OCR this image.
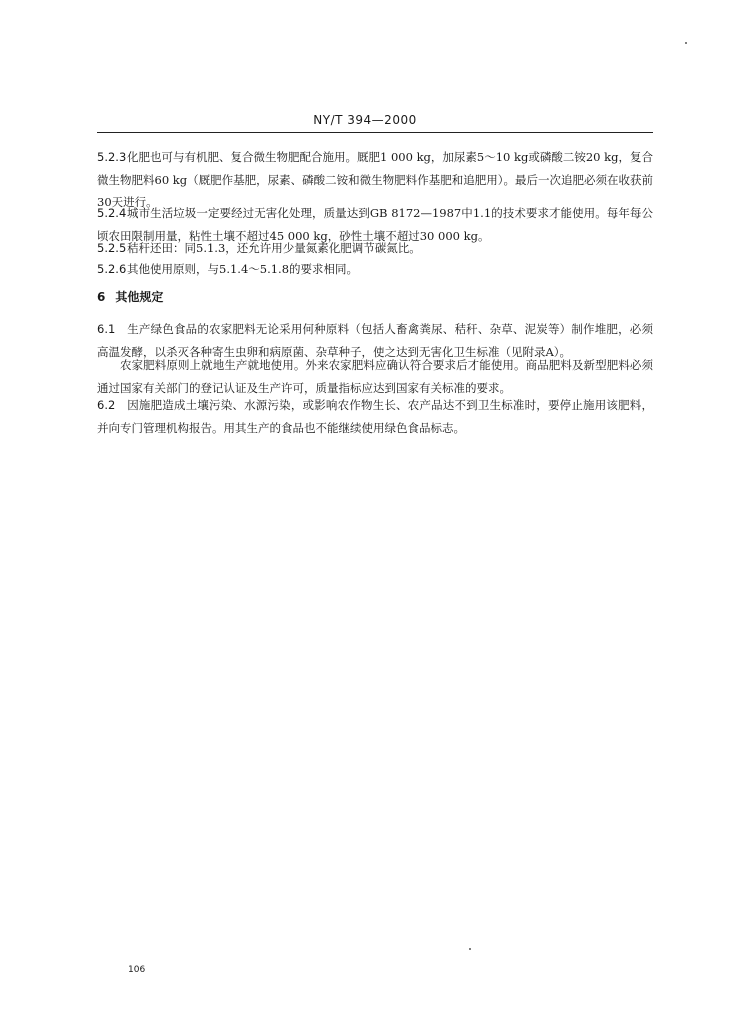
NY/T 394—2000
5.2.3化肥也可与有机肥、复合微生物肥配合施用。厩肥1 000 kg，加尿素5～10 kg或磷酸二铵20 kg，复合微生物肥料60 kg（厩肥作基肥，尿素、磷酸二铵和微生物肥料作基肥和追肥用）。最后一次追肥必须在收获前30天进行。
5.2.4城市生活垃圾一定要经过无害化处理，质量达到GB 8172—1987中1.1的技术要求才能使用。每年每公顷农田限制用量，粘性土壤不超过45 000 kg，砂性土壤不超过30 000 kg。
5.2.5秸秆还田：同5.1.3，还允许用少量氮素化肥调节碳氮比。
5.2.6其他使用原则，与5.1.4～5.1.8的要求相同。
6 其他规定
6.1 生产绿色食品的农家肥料无论采用何种原料（包括人畜禽粪尿、秸秆、杂草、泥炭等）制作堆肥，必须高温发酵，以杀灭各种寄生虫卵和病原菌、杂草种子，使之达到无害化卫生标准（见附录A）。
农家肥料原则上就地生产就地使用。外来农家肥料应确认符合要求后才能使用。商品肥料及新型肥料必须通过国家有关部门的登记认证及生产许可，质量指标应达到国家有关标准的要求。
6.2 因施肥造成土壤污染、水源污染，或影响农作物生长、农产品达不到卫生标准时，要停止施用该肥料，并向专门管理机构报告。用其生产的食品也不能继续使用绿色食品标志。
106
